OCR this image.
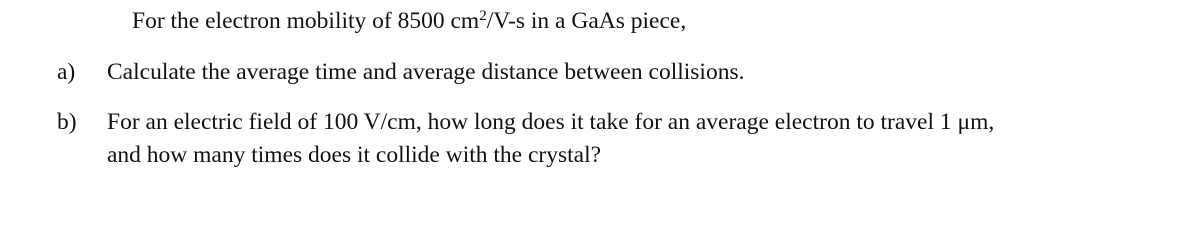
For the electron mobility of 8500 $cm^2/V-s$ in a GaAs piece,
a) Calculate the average time and average distance between collisions.
b) For an electric field of 100 V/cm, how long does it take for an average electron to travel 1 μm,
and how many times does it collide with the crystal?
